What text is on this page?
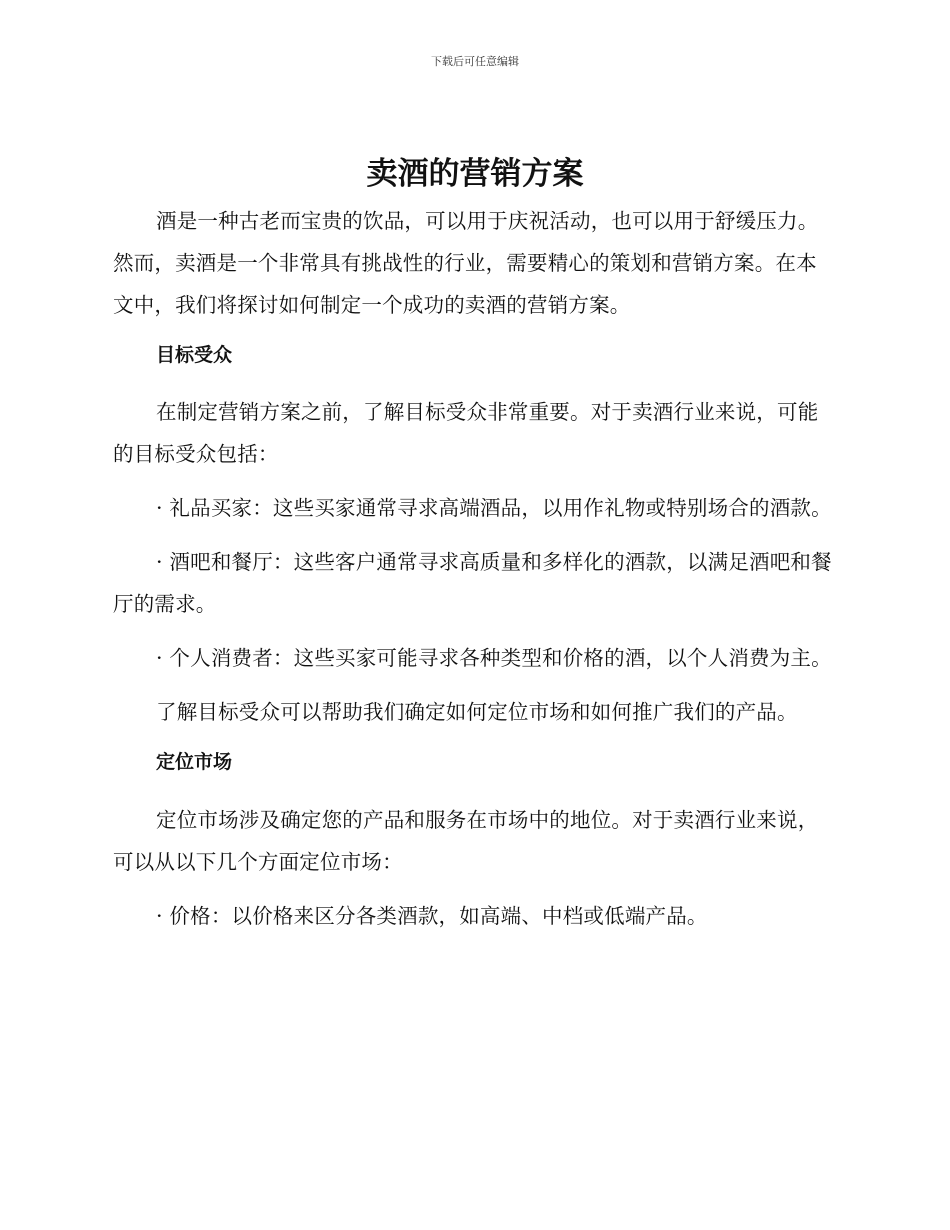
下载后可任意编辑
卖酒的营销方案

酒是一种古老而宝贵的饮品，可以用于庆祝活动，也可以用于舒缓压力。然而，卖酒是一个非常具有挑战性的行业，需要精心的策划和营销方案。在本文中，我们将探讨如何制定一个成功的卖酒的营销方案。

目标受众

在制定营销方案之前，了解目标受众非常重要。对于卖酒行业来说，可能的目标受众包括：

· 礼品买家：这些买家通常寻求高端酒品，以用作礼物或特别场合的酒款。

· 酒吧和餐厅：这些客户通常寻求高质量和多样化的酒款，以满足酒吧和餐厅的需求。

· 个人消费者：这些买家可能寻求各种类型和价格的酒，以个人消费为主。

了解目标受众可以帮助我们确定如何定位市场和如何推广我们的产品。

定位市场

定位市场涉及确定您的产品和服务在市场中的地位。对于卖酒行业来说，可以从以下几个方面定位市场：

· 价格：以价格来区分各类酒款，如高端、中档或低端产品。
